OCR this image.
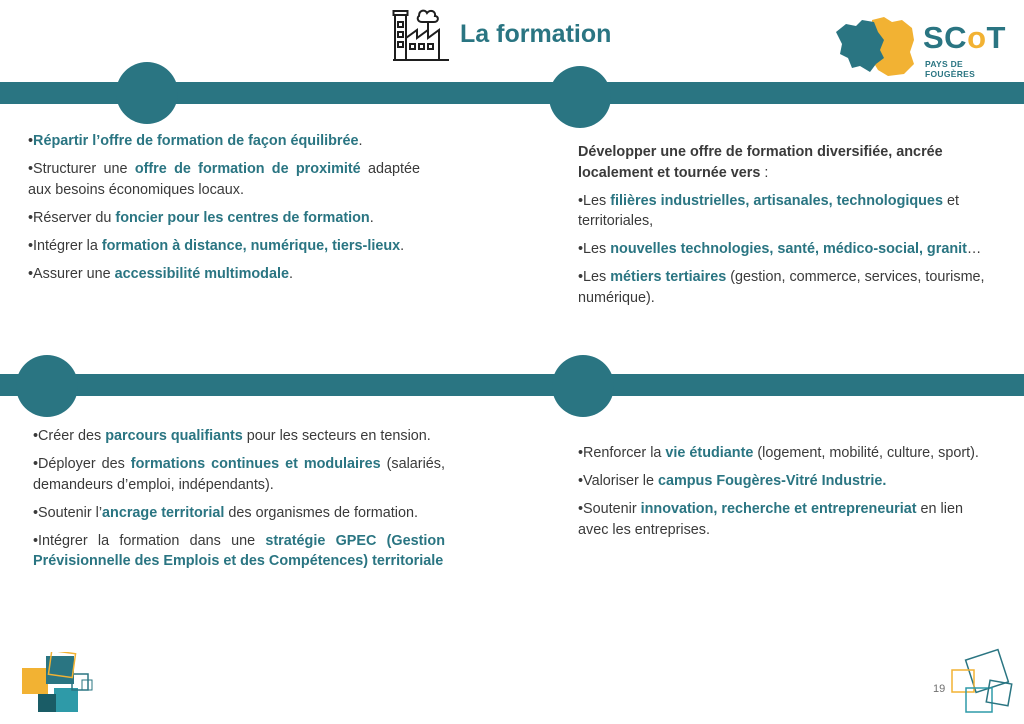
La formation	SCoT
PAYS DE FOUGÈRES

•Répartir l’offre de formation de façon équilibrée.

•Structurer une offre de formation de proximité adaptée aux besoins économiques locaux.

•Réserver du foncier pour les centres de formation.

•Intégrer la formation à distance, numérique, tiers-lieux.

•Assurer une accessibilité multimodale.

Développer une offre de formation diversifiée, ancrée localement et tournée vers :

•Les filières industrielles, artisanales, technologiques et territoriales,

•Les nouvelles technologies, santé, médico-social, granit…

•Les métiers tertiaires (gestion, commerce, services, tourisme, numérique).

•Créer des parcours qualifiants pour les secteurs en tension.

•Déployer des formations continues et modulaires (salariés, demandeurs d’emploi, indépendants).

•Soutenir l’ancrage territorial des organismes de formation.

•Intégrer la formation dans une stratégie GPEC (Gestion Prévisionnelle des Emplois et des Compétences) territoriale

•Renforcer la vie étudiante (logement, mobilité, culture, sport).

•Valoriser le campus Fougères-Vitré Industrie.

•Soutenir innovation, recherche et entrepreneuriat en lien avec les entreprises.

19
